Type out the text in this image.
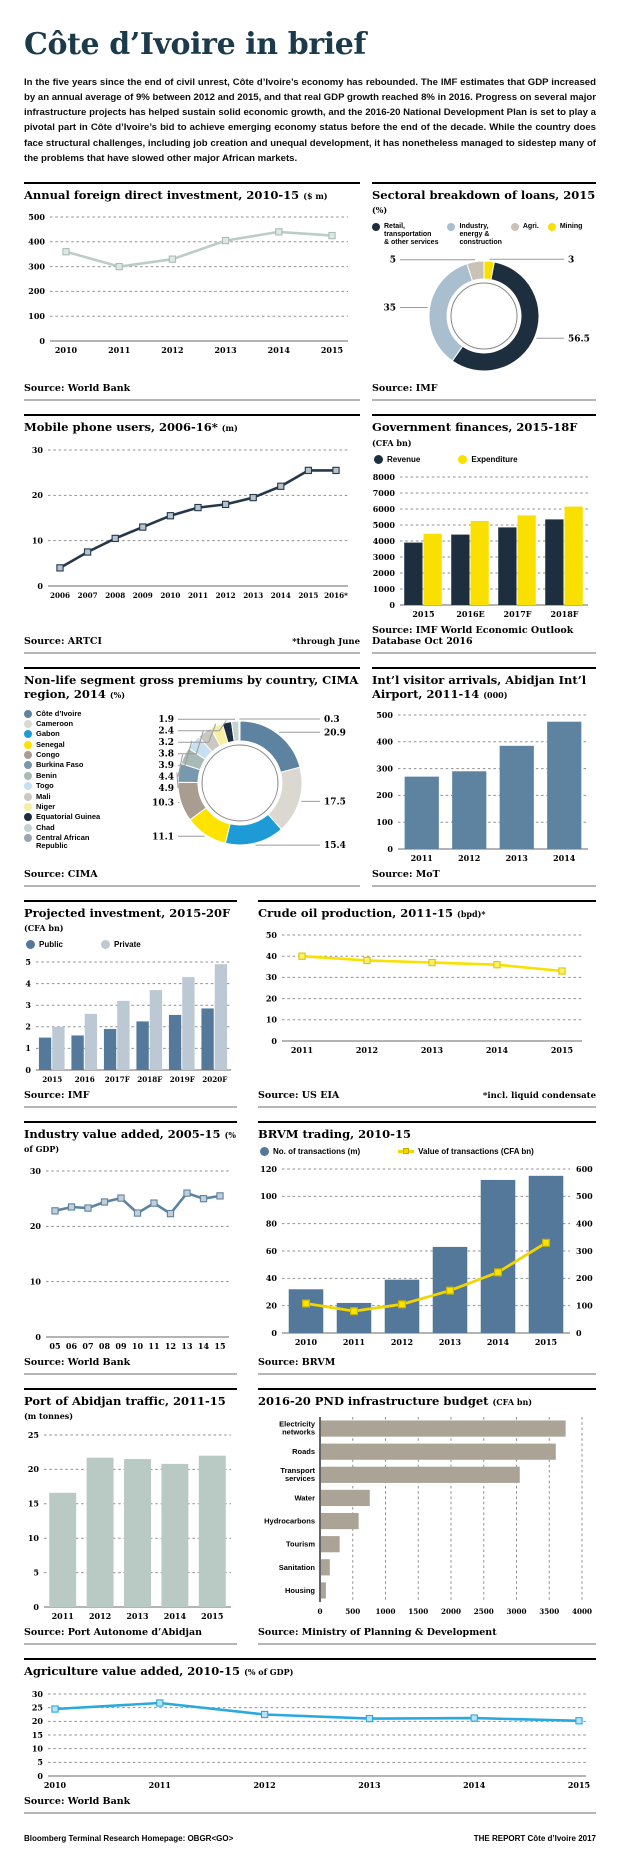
Côte d’Ivoire in brief

In the five years since the end of civil unrest, Côte d’Ivoire’s economy has rebounded. The IMF estimates that GDP increased by an annual average of 9% between 2012 and 2015, and that real GDP growth reached 8% in 2016. Progress on several major infrastructure projects has helped sustain solid economic growth, and the 2016-20 National Development Plan is set to play a pivotal part in Côte d’Ivoire’s bid to achieve emerging economy status before the end of the decade. While the country does face structural challenges, including job creation and unequal development, it has nonetheless managed to sidestep many of the problems that have slowed other major African markets.

Annual foreign direct investment, 2010-15 ($ m)
0
100
200
300
400
500
2010	2011	2012	2013	2014	2015
Source: World Bank
Sectoral breakdown of loans, 2015 (%)
Retail,
transportation
& other services
Industry,
energy &
construction
Agri.	Mining
5
35
3
56.5
Source: IMF
Mobile phone users, 2006-16* (m)
0
10
20
30
2006 2007 2008 2009 2010 2011 2012 2013 2014 2015 2016*
Source: ARTCI	*through June
Government finances, 2015-18F (CFA bn)
Revenue	Expenditure
0
1000
2000
3000
4000
5000
6000
7000
8000
2015	2016E 2017F 2018F
Source: IMF World Economic Outlook Database Oct 2016
Non-life segment gross premiums by country, CIMA region, 2014 (%)
Côte d’Ivoire
Cameroon
Gabon
Senegal
Congo
Burkina Faso
Benin
Togo
Mali
Niger
Equatorial Guinea
Chad
Central African
Republic
1.9
2.4
3.2
3.8
3.9
4.4
4.9
10.3
11.1
0.3
20.9
17.5
15.4
Source: CIMA
Int’l visitor arrivals, Abidjan Int’l Airport, 2011-14 (000)
0
100
200
300
400
500
2011	2012	2013	2014
Source: MoT
Projected investment, 2015-20F (CFA bn)
Public	Private
0
1
2
3
4
5
2015 2016 2017F 2018F 2019F 2020F
Source: IMF
Crude oil production, 2011-15 (bpd)*
0
10
20
30
40
50
2011	2012	2013	2014	2015
Source: US EIA	*incl. liquid condensate
Industry value added, 2005-15 (% of GDP)
0
10
20
30
05 06 07 08 09 10 11 12 13 14 15
Source: World Bank
BRVM trading, 2010-15
No. of transactions (m)	Value of transactions (CFA bn)
0
20
40
60
80
100
120
0
100
200
300
400
500
600
2010	2011	2012	2013	2014	2015
Source: BRVM
Port of Abidjan traffic, 2011-15 (m tonnes)
0
5
10
15
20
25
2011 2012 2013 2014 2015
Source: Port Autonome d’Abidjan
2016-20 PND infrastructure budget (CFA bn)
Electricity networks
Roads
Transport services
Water
Hydrocarbons
Tourism
Sanitation
Housing
0	500 1000 1500 2000 2500 3000 3500 4000
Source: Ministry of Planning & Development
Agriculture value added, 2010-15 (% of GDP)
0
5
10
15
20
25
30
2010	2011	2012	2013	2014	2015
Source: World Bank
Bloomberg Terminal Research Homepage: OBGR<GO>	THE REPORT Côte d’Ivoire 2017
